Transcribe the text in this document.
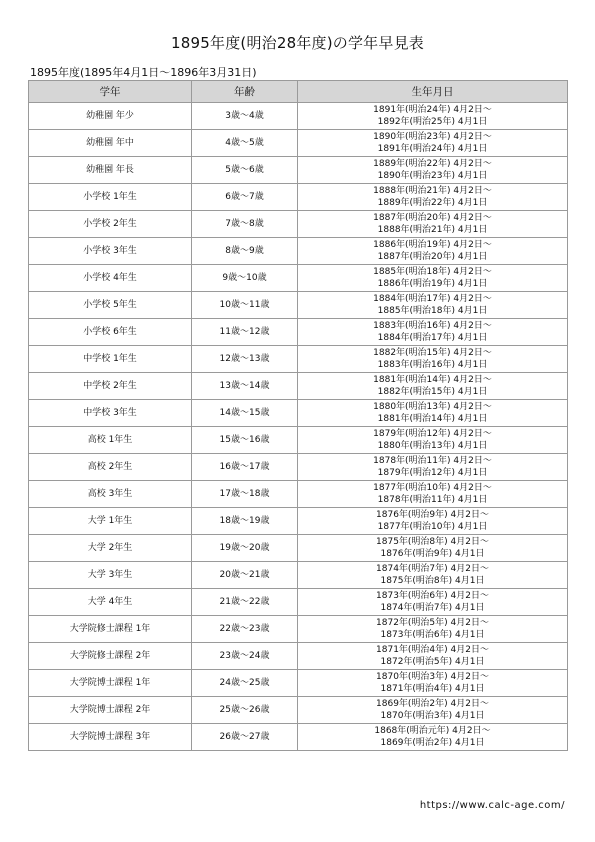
1895年度(明治28年度)の学年早見表
1895年度(1895年4月1日～1896年3月31日)
学年	年齢	生年月日
幼稚園 年少	3歳～4歳	1891年(明治24年) 4月2日～
1892年(明治25年) 4月1日

幼稚園 年中	4歳～5歳	1890年(明治23年) 4月2日～
1891年(明治24年) 4月1日

幼稚園 年長	5歳～6歳	1889年(明治22年) 4月2日～
1890年(明治23年) 4月1日

小学校 1年生	6歳～7歳	1888年(明治21年) 4月2日～
1889年(明治22年) 4月1日

小学校 2年生	7歳～8歳	1887年(明治20年) 4月2日～
1888年(明治21年) 4月1日

小学校 3年生	8歳～9歳	1886年(明治19年) 4月2日～
1887年(明治20年) 4月1日

小学校 4年生	9歳～10歳	1885年(明治18年) 4月2日～
1886年(明治19年) 4月1日

小学校 5年生	10歳～11歳	1884年(明治17年) 4月2日～
1885年(明治18年) 4月1日

小学校 6年生	11歳～12歳	1883年(明治16年) 4月2日～
1884年(明治17年) 4月1日

中学校 1年生	12歳～13歳	1882年(明治15年) 4月2日～
1883年(明治16年) 4月1日

中学校 2年生	13歳～14歳	1881年(明治14年) 4月2日～
1882年(明治15年) 4月1日

中学校 3年生	14歳～15歳	1880年(明治13年) 4月2日～
1881年(明治14年) 4月1日

高校 1年生	15歳～16歳	1879年(明治12年) 4月2日～
1880年(明治13年) 4月1日

高校 2年生	16歳～17歳	1878年(明治11年) 4月2日～
1879年(明治12年) 4月1日

高校 3年生	17歳～18歳	1877年(明治10年) 4月2日～
1878年(明治11年) 4月1日

大学 1年生	18歳～19歳	1876年(明治9年) 4月2日～
1877年(明治10年) 4月1日

大学 2年生	19歳～20歳	1875年(明治8年) 4月2日～
1876年(明治9年) 4月1日

大学 3年生	20歳～21歳	1874年(明治7年) 4月2日～
1875年(明治8年) 4月1日

大学 4年生	21歳～22歳	1873年(明治6年) 4月2日～
1874年(明治7年) 4月1日

大学院修士課程 1年	22歳～23歳	1872年(明治5年) 4月2日～
1873年(明治6年) 4月1日

大学院修士課程 2年	23歳～24歳	1871年(明治4年) 4月2日～
1872年(明治5年) 4月1日

大学院博士課程 1年	24歳～25歳	1870年(明治3年) 4月2日～
1871年(明治4年) 4月1日

大学院博士課程 2年	25歳～26歳	1869年(明治2年) 4月2日～
1870年(明治3年) 4月1日

大学院博士課程 3年	26歳～27歳	1868年(明治元年) 4月2日～
1869年(明治2年) 4月1日
https://www.calc-age.com/
